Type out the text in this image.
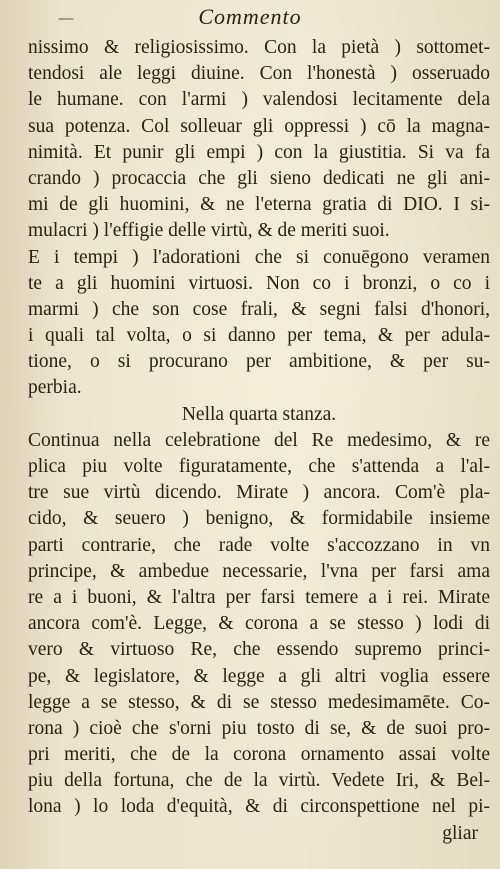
—	Commento
nissimo & religiosissimo. Con la pietà ) sottomet-
tendosi ale leggi diuine. Con l'honestà ) osseruado
le humane. con l'armi ) valendosi lecitamente dela
sua potenza. Col solleuar gli oppressi ) cō la magna-
nimità. Et punir gli empi ) con la giustitia. Si va fa
crando ) procaccia che gli sieno dedicati ne gli ani-
mi de gli huomini, & ne l'eterna gratia di DIO. I si-
mulacri ) l'effigie delle virtù, & de meriti suoi.
E i tempi ) l'adorationi che si conuēgono veramen
te a gli huomini virtuosi. Non co i bronzi, o co i
marmi ) che son cose frali, & segni falsi d'honori,
i quali tal volta, o si danno per tema, & per adula-
tione, o si procurano per ambitione, & per su-
perbia.
Nella quarta stanza.
Continua nella celebratione del Re medesimo, & re
plica piu volte figuratamente, che s'attenda a l'al-
tre sue virtù dicendo. Mirate ) ancora. Com'è pla-
cido, & seuero ) benigno, & formidabile insieme
parti contrarie, che rade volte s'accozzano in vn
principe, & ambedue necessarie, l'vna per farsi ama
re a i buoni, & l'altra per farsi temere a i rei. Mirate
ancora com'è. Legge, & corona a se stesso ) lodi di
vero & virtuoso Re, che essendo supremo princi-
pe, & legislatore, & legge a gli altri voglia essere
legge a se stesso, & di se stesso medesimamēte. Co-
rona ) cioè che s'orni piu tosto di se, & de suoi pro-
pri meriti, che de la corona ornamento assai volte
piu della fortuna, che de la virtù. Vedete Iri, & Bel-
lona ) lo loda d'equità, & di circonspettione nel pi-
gliar
